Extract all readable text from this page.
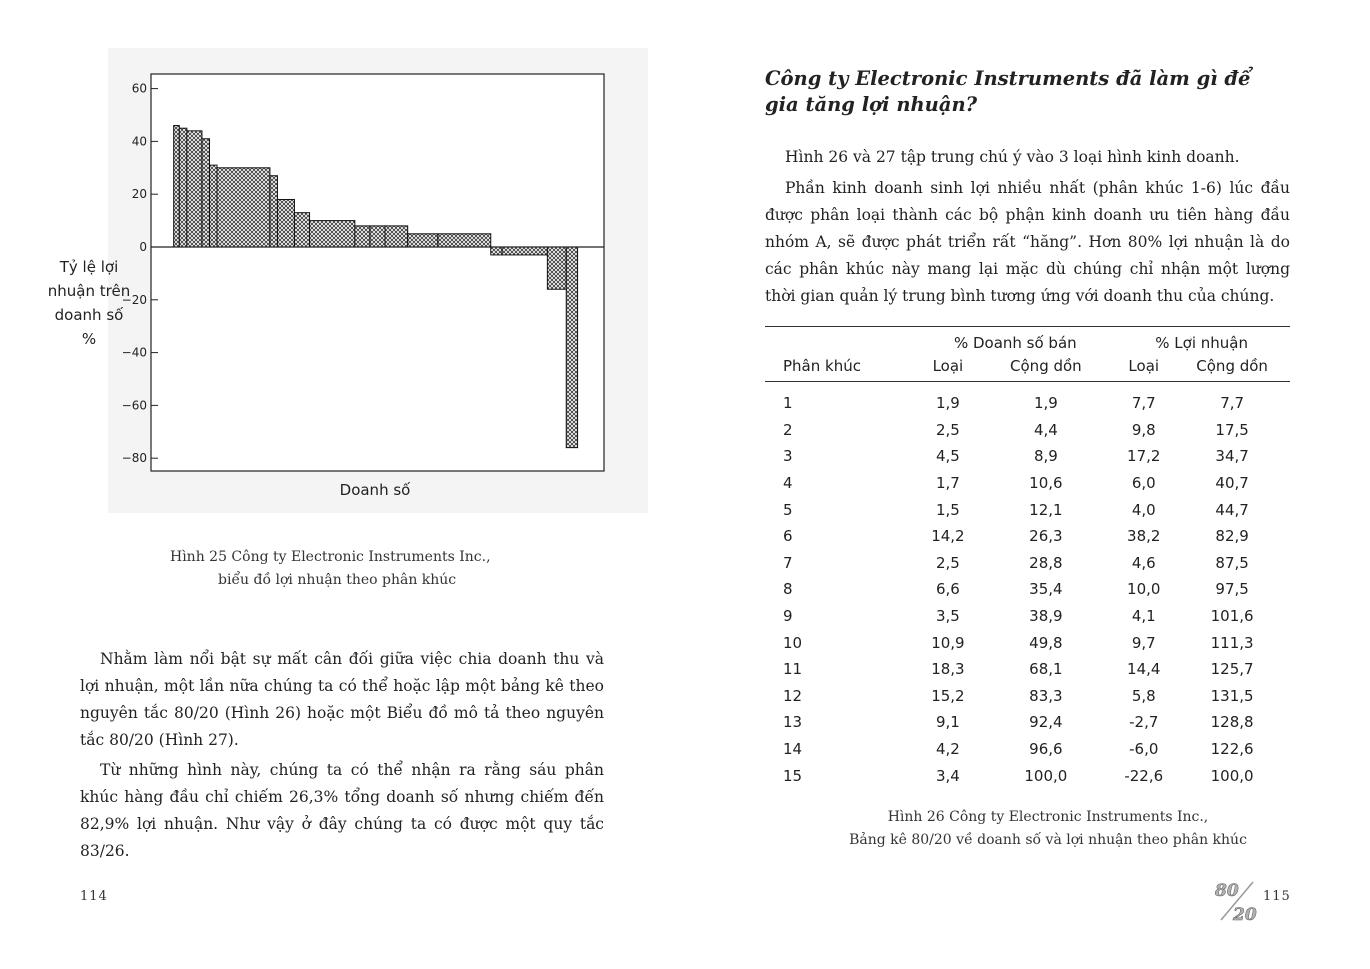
60
40
20
0
−20
−40
−60
−80
Tỷ lệ lợi
nhuận trên
doanh số
%
Doanh số
Hình 25 Công ty Electronic Instruments Inc.,
biểu đồ lợi nhuận theo phân khúc

Nhằm làm nổi bật sự mất cân đối giữa việc chia doanh thu và lợi nhuận, một lần nữa chúng ta có thể hoặc lập một bảng kê theo nguyên tắc 80/20 (Hình 26) hoặc một Biểu đồ mô tả theo nguyên tắc 80/20 (Hình 27).

Từ những hình này, chúng ta có thể nhận ra rằng sáu phân khúc hàng đầu chỉ chiếm 26,3% tổng doanh số nhưng chiếm đến 82,9% lợi nhuận. Như vậy ở đây chúng ta có được một quy tắc 83/26.

114
Công ty Electronic Instruments đã làm gì để gia tăng lợi nhuận?

Hình 26 và 27 tập trung chú ý vào 3 loại hình kinh doanh.

Phần kinh doanh sinh lợi nhiều nhất (phân khúc 1-6) lúc đầu được phân loại thành các bộ phận kinh doanh ưu tiên hàng đầu nhóm A, sẽ được phát triển rất “hăng”. Hơn 80% lợi nhuận là do các phân khúc này mang lại mặc dù chúng chỉ nhận một lượng thời gian quản lý trung bình tương ứng với doanh thu của chúng.

	% Doanh số bán		% Lợi nhuận	
Phân khúc	Loại	Cộng dồn	Loại	Cộng dồn
1	1,9	1,9	7,7	7,7
2	2,5	4,4	9,8	17,5
3	4,5	8,9	17,2	34,7
4	1,7	10,6	6,0	40,7
5	1,5	12,1	4,0	44,7
6	14,2	26,3	38,2	82,9
7	2,5	28,8	4,6	87,5
8	6,6	35,4	10,0	97,5
9	3,5	38,9	4,1	101,6
10	10,9	49,8	9,7	111,3
11	18,3	68,1	14,4	125,7
12	15,2	83,3	5,8	131,5
13	9,1	92,4	-2,7	128,8
14	4,2	96,6	-6,0	122,6
15	3,4	100,0	-22,6	100,0
Hình 26 Công ty Electronic Instruments Inc.,
Bảng kê 80/20 về doanh số và lợi nhuận theo phân khúc
80
20
115
